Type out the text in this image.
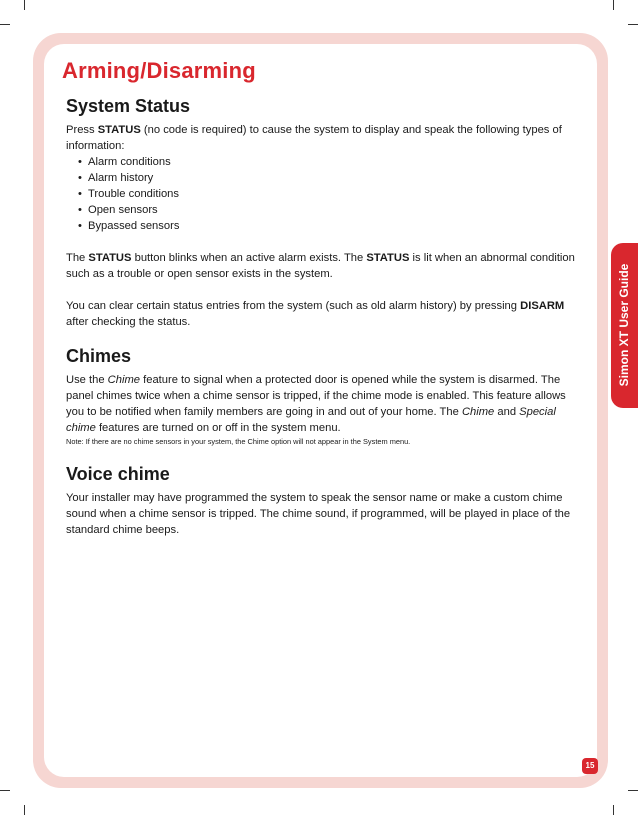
Arming/Disarming
System Status

Press STATUS (no code is required) to cause the system to display and speak the following types of information:

• Alarm conditions
• Alarm history
• Trouble conditions
• Open sensors
• Bypassed sensors

The STATUS button blinks when an active alarm exists. The STATUS is lit when an abnormal condition such as a trouble or open sensor exists in the system.

You can clear certain status entries from the system (such as old alarm history) by pressing DISARM after checking the status.

Chimes

Use the Chime feature to signal when a protected door is opened while the system is disarmed. The panel chimes twice when a chime sensor is tripped, if the chime mode is enabled. This feature allows you to be notified when family members are going in and out of your home. The Chime and Special chime features are turned on or off in the system menu.

Note: If there are no chime sensors in your system, the Chime option will not appear in the System menu.

Voice chime

Your installer may have programmed the system to speak the sensor name or make a custom chime sound when a chime sensor is tripped. The chime sound, if programmed, will be played in place of the standard chime beeps.

Simon XT User Guide
15
